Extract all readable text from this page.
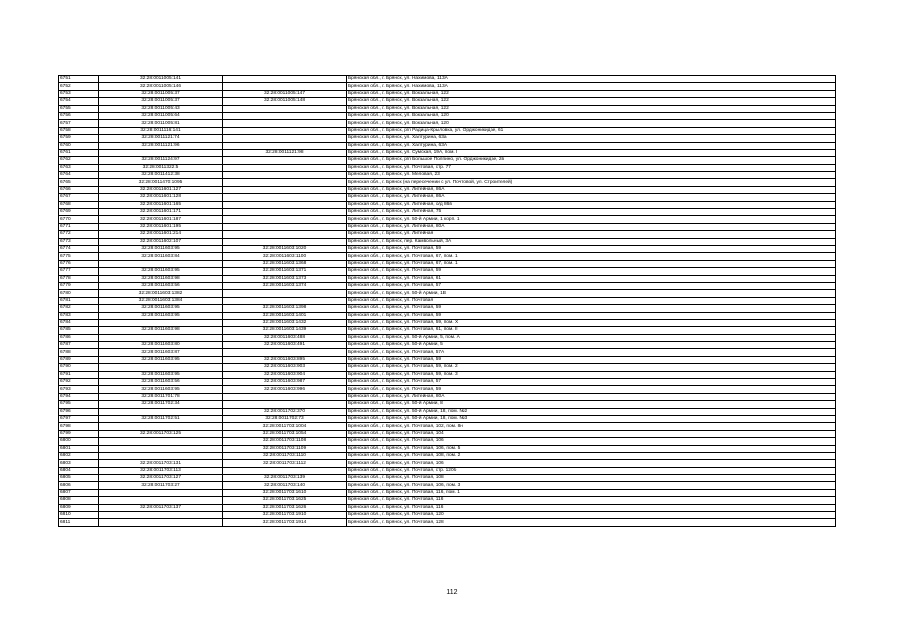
6751	32:28:0011005:141		Брянская обл., г. Брянск, ул. Нахимова, 113А
6752	32:28:0011005:146		Брянская обл., г. Брянск, ул. Нахимова, 113А
6753	32:28:0011005:37	32:28:0011005:147	Брянская обл., г. Брянск, ул. Вокзальная, 122
6754	32:28:0011005:37	32:28:0011005:148	Брянская обл., г. Брянск, ул. Вокзальная, 122
6755	32:28:0011005:43		Брянская обл., г. Брянск, ул. Вокзальная, 122
6756	32:28:0011005:64		Брянская обл., г. Брянск, ул. Вокзальная, 120
6757	32:28:0011005:81		Брянская обл., г. Брянск, ул. Вокзальная, 120
6758	32:28:0011116:141		Брянская обл., г. Брянск, р/п Радица-Крыловка, ул. Орджоникидзе, 61
6759	32:28:0011121:74		Брянская обл., г. Брянск, ул. Халтурина, 63а
6760	32:28:0011121:96		Брянская обл., г. Брянск, ул. Халтурина, 63А
6761		32:28:0011121:98	Брянская обл., г. Брянск, ул. Сумская, 19А, пом. I
6762	32:28:0011124:97		Брянская обл., г. Брянск, р/п Большое Полпино, ул. Орджоникидзе, 2в
6763	32:28:0011322:5		Брянская обл., г. Брянск, ул. Почтовая, стр. 77
6764	32:28:0011412:38		Брянская обл., г. Брянск, ул. Меловая, 23
6765	32:28:0011470:1095		Брянская обл., г. Брянск (на пересечении с ул. Почтовой, ул. Строителей)
6766	32:28:0011601:127		Брянская обл., г. Брянск, ул. Литейная, 86А
6767	32:28:0011601:128		Брянская обл., г. Брянск, ул. Литейная, 86А
6768	32:28:0011601:165		Брянская обл., г. Брянск, ул. Литейная, о/д 86в
6769	32:28:0011601:171		Брянская обл., г. Брянск, ул. Литейная, 75
6770	32:28:0011601:187		Брянская обл., г. Брянск, ул. 50-й Армии, 1 корп. 1
6771	32:28:0011601:195		Брянская обл., г. Брянск, ул. Литейная, 80А
6772	32:28:0011601:214		Брянская обл., г. Брянск, ул. Литейная
6773	32:28:0011602:107		Брянская обл., г. Брянск, пер. Камвольный, 3А
6774	32:28:0011603:95	32:28:0011603:1020	Брянская обл., г. Брянск, ул. Почтовая, 59
6775	32:28:0011603:84	32:28:0011603:1100	Брянская обл., г. Брянск, ул. Почтовая, 67, пом. 1
6776		32:28:0011603:1368	Брянская обл., г. Брянск, ул. Почтовая, 67, пом. 1
6777	32:28:0011603:95	32:28:0011603:1371	Брянская обл., г. Брянск, ул. Почтовая, 59
6778	32:28:0011603:98	32:28:0011603:1373	Брянская обл., г. Брянск, ул. Почтовая, 61
6779	32:28:0011603:56	32:28:0011603:1374	Брянская обл., г. Брянск, ул. Почтовая, 57
6780	32:28:0011603:1382		Брянская обл., г. Брянск, ул. 50-й Армии, 1В
6781	32:28:0011603:1384		Брянская обл., г. Брянск, ул. Почтовая
6782	32:28:0011603:95	32:28:0011603:1398	Брянская обл., г. Брянск, ул. Почтовая, 59
6783	32:28:0011603:95	32:28:0011603:1401	Брянская обл., г. Брянск, ул. Почтовая, 59
6784		32:28:0011603:1432	Брянская обл., г. Брянск, ул. Почтовая, 59, пом. X
6785	32:28:0011603:98	32:28:0011603:1439	Брянская обл., г. Брянск, ул. Почтовая, 61, пом. II
6786		32:28:0011603:488	Брянская обл., г. Брянск, ул. 50-й Армии, 5, пом. А
6787	32:28:0011603:80	32:28:0011603:491	Брянская обл., г. Брянск, ул. 50-й Армии, 5
6788	32:28:0011603:87		Брянская обл., г. Брянск, ул. Почтовая, 57А
6789	32:28:0011603:95	32:28:0011603:895	Брянская обл., г. Брянск, ул. Почтовая, 59
6790		32:28:0011603:903	Брянская обл., г. Брянск, ул. Почтовая, 59, пом. 2
6791	32:28:0011603:95	32:28:0011603:904	Брянская обл., г. Брянск, ул. Почтовая, 59, пом. 3
6792	32:28:0011603:56	32:28:0011603:987	Брянская обл., г. Брянск, ул. Почтовая, 57
6793	32:28:0011603:95	32:28:0011603:996	Брянская обл., г. Брянск, ул. Почтовая, 59
6794	32:28:0011701:78		Брянская обл., г. Брянск, ул. Литейная, 80А
6795	32:28:0011702:34		Брянская обл., г. Брянск, ул. 50-й Армии, 8
6796		32:28:0011702:370	Брянская обл., г. Брянск, ул. 50-й Армии, 18, пом. №2
6797	32:28:0011702:51	32:28:0011702:73	Брянская обл., г. Брянск, ул. 50-й Армии, 18, пом. №3
6798		32:28:0011703:1004	Брянская обл., г. Брянск, ул. Почтовая, 102, пом. 8н
6799	32:28:0011703:125	32:28:0011703:1054	Брянская обл., г. Брянск, ул. Почтовая, 104
6800		32:28:0011703:1108	Брянская обл., г. Брянск, ул. Почтовая, 106
6801		32:28:0011703:1109	Брянская обл., г. Брянск, ул. Почтовая, 106, пом. 5
6802		32:28:0011703:1110	Брянская обл., г. Брянск, ул. Почтовая, 108, пом. 2
6803	32:28:0011703:131	32:28:0011703:1112	Брянская обл., г. Брянск, ул. Почтовая, 106
6804	32:28:0011703:113		Брянская обл., г. Брянск, ул. Почтовая, стр. 120б
6805	32:28:0011703:127	32:28:0011703:139	Брянская обл., г. Брянск, ул. Почтовая, 108
6806	32:28:0011703:27	32:28:0011703:140	Брянская обл., г. Брянск, ул. Почтовая, 106, пом. 3
6807		32:28:0011703:1610	Брянская обл., г. Брянск, ул. Почтовая, 116, пом. 1
6808		32:28:0011703:1625	Брянская обл., г. Брянск, ул. Почтовая, 116
6809	32:28:0011703:137	32:28:0011703:1626	Брянская обл., г. Брянск, ул. Почтовая, 116
6810		32:28:0011703:1910	Брянская обл., г. Брянск, ул. Почтовая, 120
6811		32:28:0011703:1914	Брянская обл., г. Брянск, ул. Почтовая, 128
112
